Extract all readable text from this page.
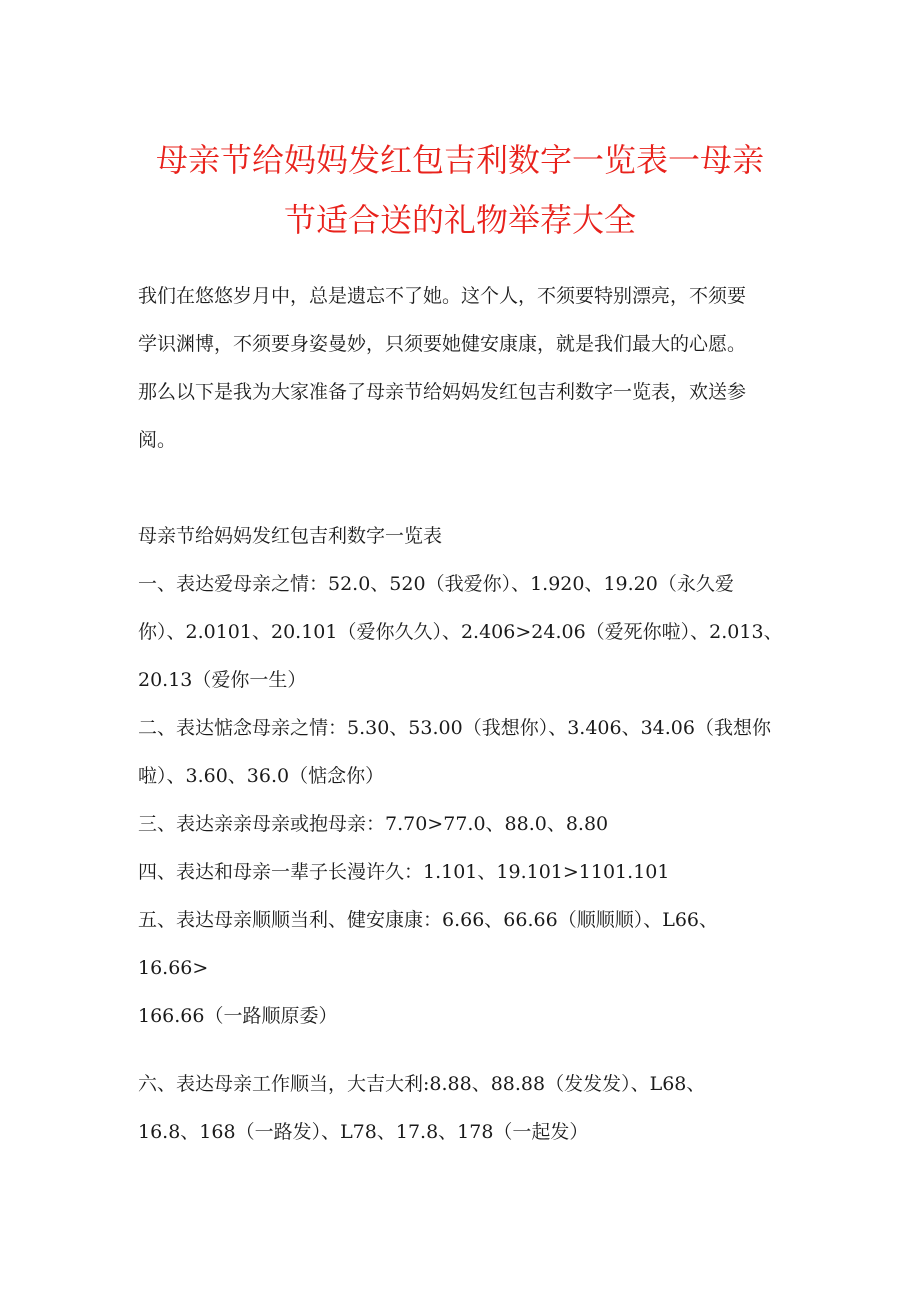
母亲节给妈妈发红包吉利数字一览表一母亲
节适合送的礼物举荐大全
我们在悠悠岁月中，总是遗忘不了她。这个人，不须要特别漂亮，不须要
学识渊博，不须要身姿曼妙，只须要她健安康康，就是我们最大的心愿。
那么以下是我为大家准备了母亲节给妈妈发红包吉利数字一览表，欢送参
阅。
母亲节给妈妈发红包吉利数字一览表
一、表达爱母亲之情：52.0、520（我爱你）、1.920、19.20（永久爱
你）、2.0101、20.101（爱你久久）、2.406>24.06（爱死你啦）、2.013、
20.13（爱你一生）
二、表达惦念母亲之情：5.30、53.00（我想你）、3.406、34.06（我想你
啦）、3.60、36.0（惦念你）
三、表达亲亲母亲或抱母亲：7.70>77.0、88.0、8.80
四、表达和母亲一辈子长漫许久：1.101、19.101>1101.101
五、表达母亲顺顺当利、健安康康：6.66、66.66（顺顺顺）、L66、
16.66>
166.66（一路顺原委）
六、表达母亲工作顺当，大吉大利:8.88、88.88（发发发）、L68、
16.8、168（一路发）、L78、17.8、178（一起发）
